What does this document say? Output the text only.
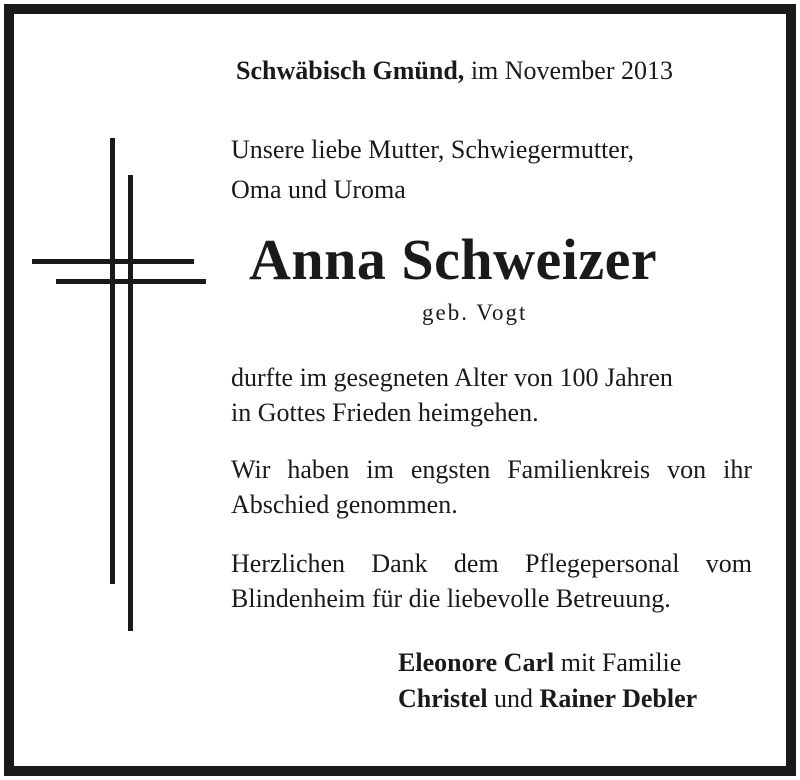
Schwäbisch Gmünd, im November 2013
Unsere liebe Mutter, Schwiegermutter,
Oma und Uroma
Anna Schweizer
geb. Vogt
durfte im gesegneten Alter von 100 Jahren
in Gottes Frieden heimgehen.
Wir haben im engsten Familienkreis von ihr Abschied genommen.
Herzlichen Dank dem Pflegepersonal vom Blindenheim für die liebevolle Betreuung.
Eleonore Carl mit Familie
Christel und Rainer Debler
